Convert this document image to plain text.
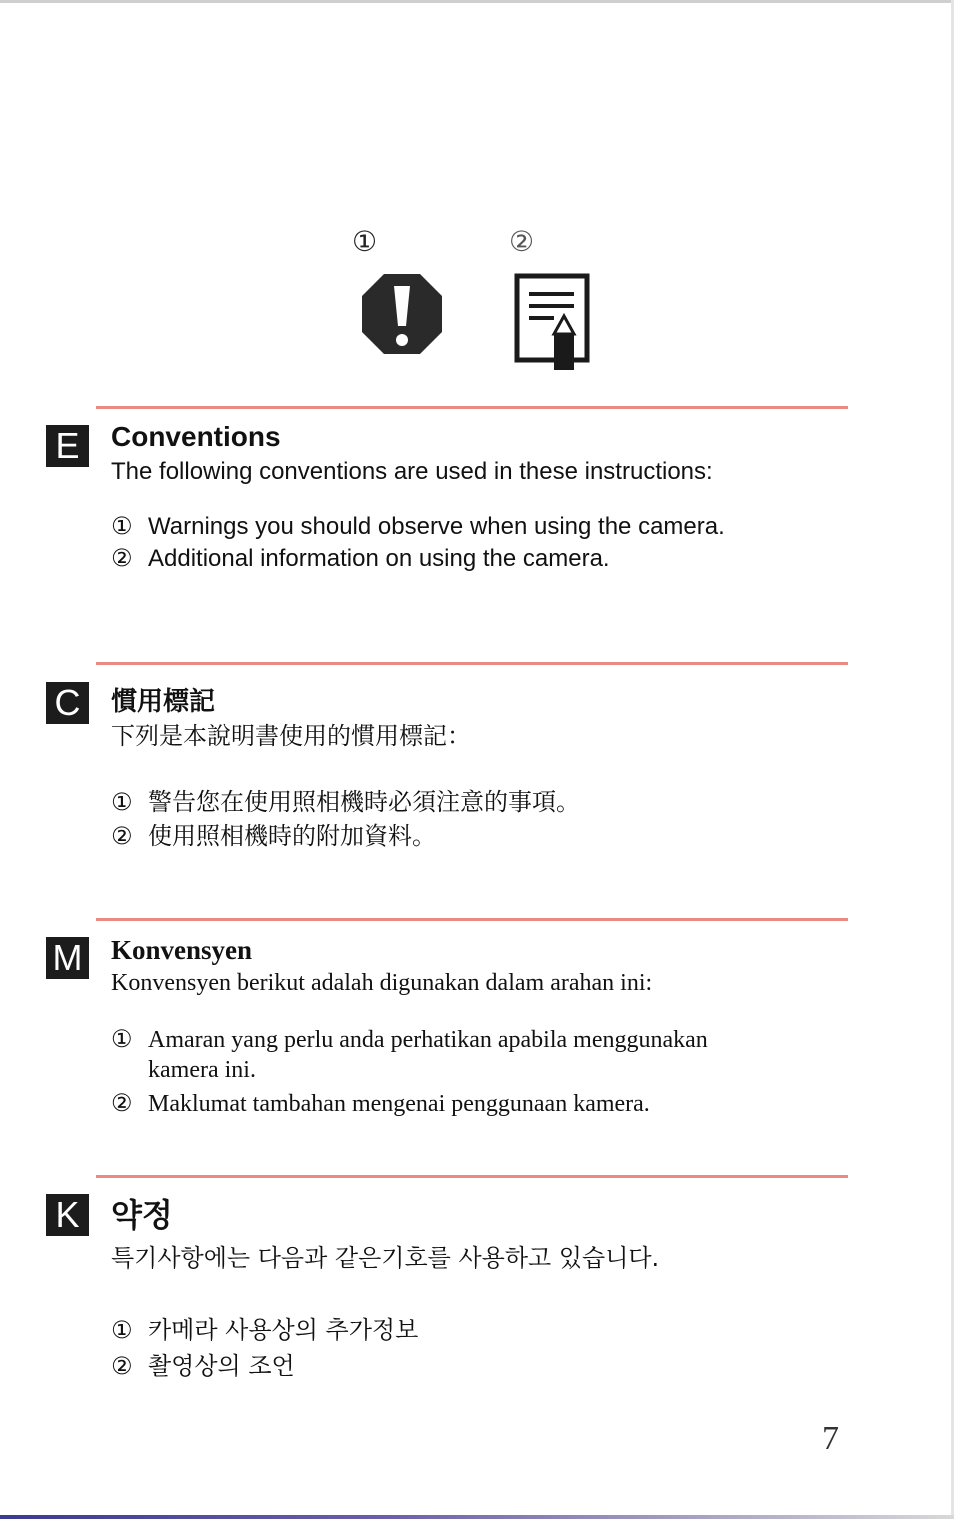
①	②
E	Conventions
The following conventions are used in these instructions:
① Warnings you should observe when using the camera.
② Additional information on using the camera.
C	慣用標記
下列是本說明書使用的慣用標記：
① 警告您在使用照相機時必須注意的事項。
② 使用照相機時的附加資料。
M Konvensyen
Konvensyen berikut adalah digunakan dalam arahan ini:
① Amaran yang perlu anda perhatikan apabila menggunakan
kamera ini.
② Maklumat tambahan mengenai penggunaan kamera.
K 약정
특기사항에는 다음과 같은기호를 사용하고 있습니다.
① 카메라 사용상의 추가정보
② 촬영상의 조언
7
